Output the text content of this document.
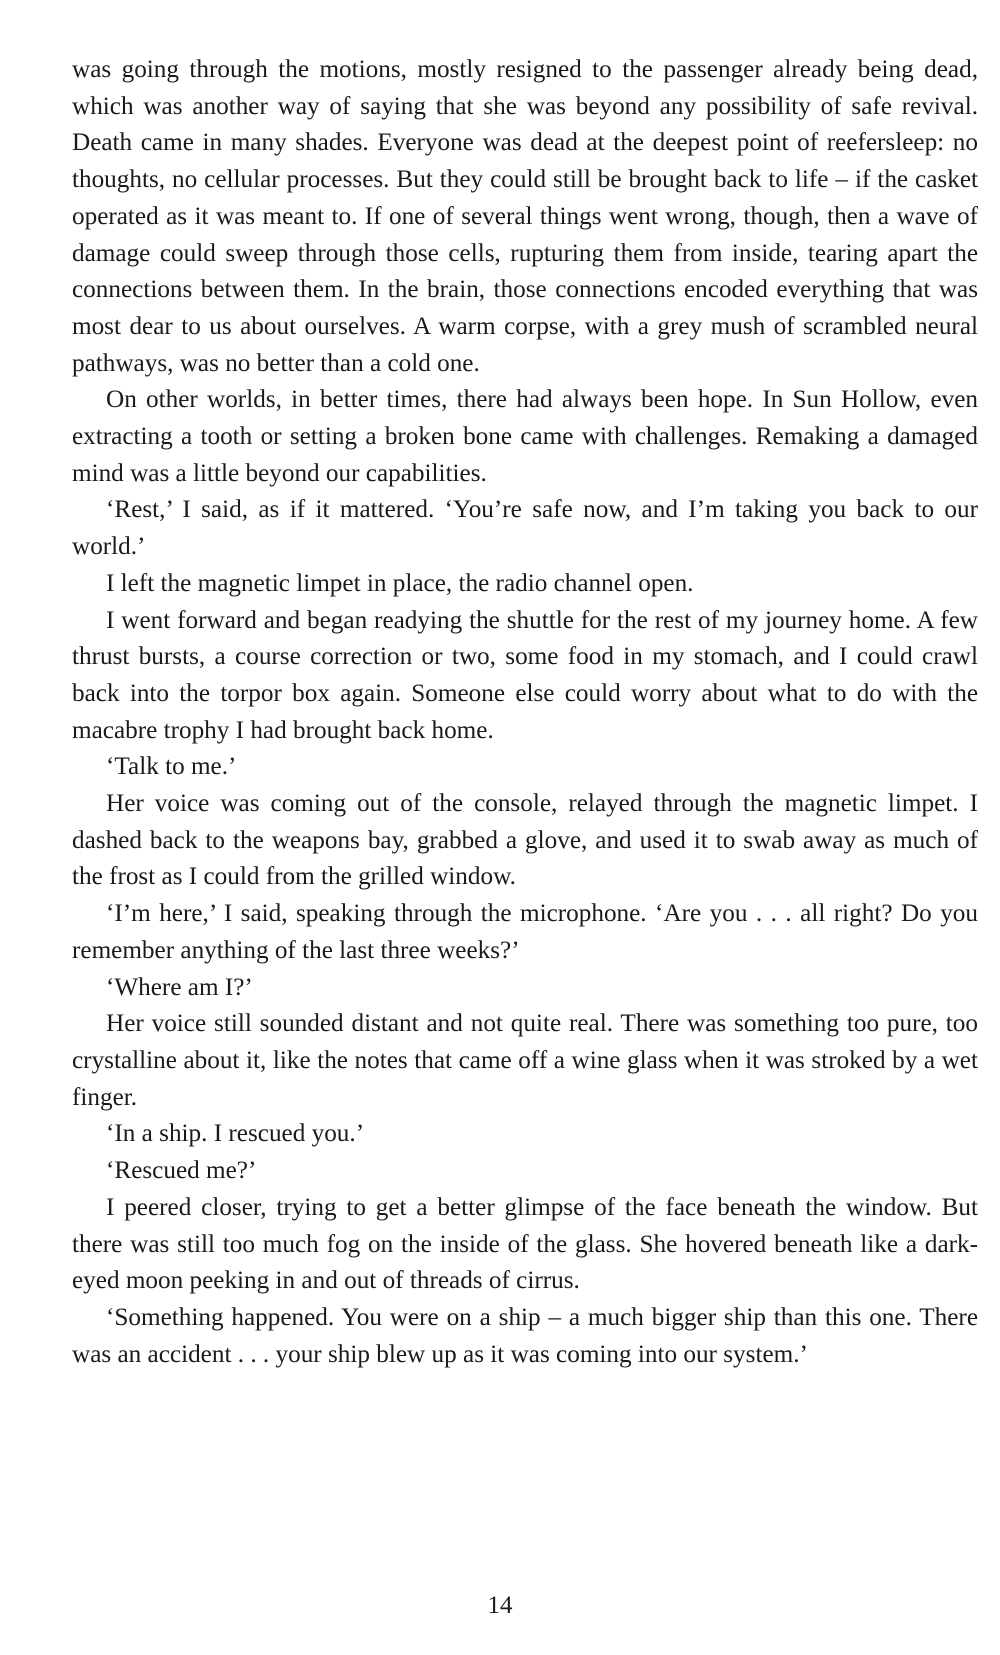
was going through the motions, mostly resigned to the passenger already being dead, which was another way of saying that she was beyond any possibility of safe revival. Death came in many shades. Everyone was dead at the deepest point of reefersleep: no thoughts, no cellular processes. But they could still be brought back to life – if the casket operated as it was meant to. If one of several things went wrong, though, then a wave of damage could sweep through those cells, rupturing them from inside, tearing apart the connections between them. In the brain, those connections encoded everything that was most dear to us about ourselves. A warm corpse, with a grey mush of scrambled neural pathways, was no better than a cold one.

On other worlds, in better times, there had always been hope. In Sun Hollow, even extracting a tooth or setting a broken bone came with challenges. Remaking a damaged mind was a little beyond our capabilities.

‘Rest,’ I said, as if it mattered. ‘You’re safe now, and I’m taking you back to our world.’

I left the magnetic limpet in place, the radio channel open.

I went forward and began readying the shuttle for the rest of my journey home. A few thrust bursts, a course correction or two, some food in my stomach, and I could crawl back into the torpor box again. Someone else could worry about what to do with the macabre trophy I had brought back home.

‘Talk to me.’

Her voice was coming out of the console, relayed through the magnetic limpet. I dashed back to the weapons bay, grabbed a glove, and used it to swab away as much of the frost as I could from the grilled window.

‘I’m here,’ I said, speaking through the microphone. ‘Are you . . . all right? Do you remember anything of the last three weeks?’

‘Where am I?’

Her voice still sounded distant and not quite real. There was something too pure, too crystalline about it, like the notes that came off a wine glass when it was stroked by a wet finger.

‘In a ship. I rescued you.’

‘Rescued me?’

I peered closer, trying to get a better glimpse of the face beneath the window. But there was still too much fog on the inside of the glass. She hovered beneath like a dark-eyed moon peeking in and out of threads of cirrus.

‘Something happened. You were on a ship – a much bigger ship than this one. There was an accident . . . your ship blew up as it was coming into our system.’

14
